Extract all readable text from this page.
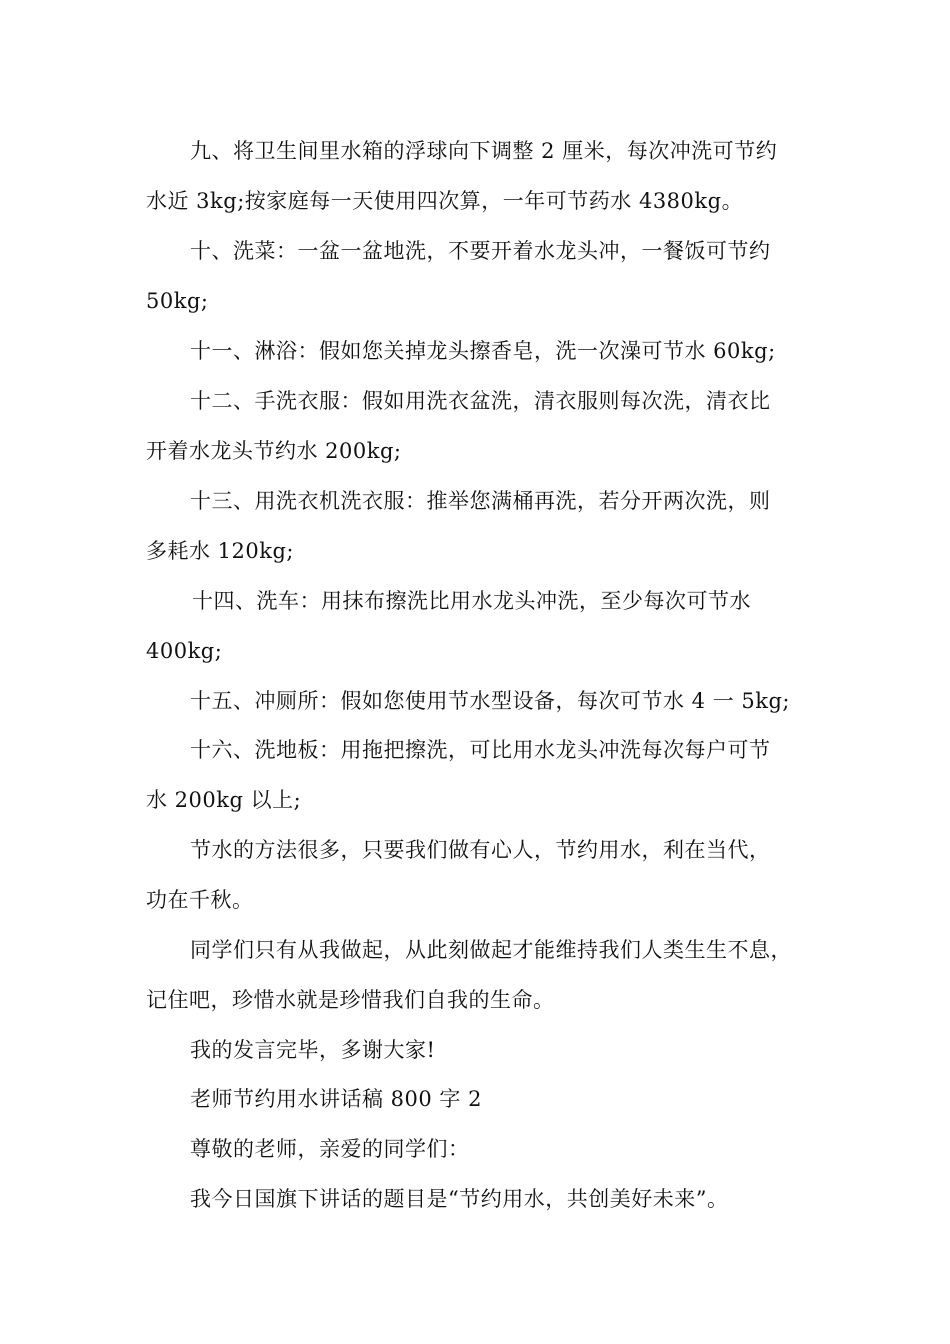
九、将卫生间里水箱的浮球向下调整 2 厘米，每次冲洗可节约
水近 3kg;按家庭每一天使用四次算，一年可节药水 4380kg。
十、洗菜：一盆一盆地洗，不要开着水龙头冲，一餐饭可节约
50kg;
十一、淋浴：假如您关掉龙头擦香皂，洗一次澡可节水 60kg;
十二、手洗衣服：假如用洗衣盆洗，清衣服则每次洗，清衣比
开着水龙头节约水 200kg;
十三、用洗衣机洗衣服：推举您满桶再洗，若分开两次洗，则
多耗水 120kg;
十四、洗车：用抹布擦洗比用水龙头冲洗，至少每次可节水
400kg;
十五、冲厕所：假如您使用节水型设备，每次可节水 4 一 5kg;
十六、洗地板：用拖把擦洗，可比用水龙头冲洗每次每户可节
水 200kg 以上;
节水的方法很多，只要我们做有心人，节约用水，利在当代，
功在千秋。
同学们只有从我做起，从此刻做起才能维持我们人类生生不息，
记住吧，珍惜水就是珍惜我们自我的生命。
我的发言完毕，多谢大家!
老师节约用水讲话稿 800 字 2
尊敬的老师，亲爱的同学们：
我今日国旗下讲话的题目是“节约用水，共创美好未来”。
